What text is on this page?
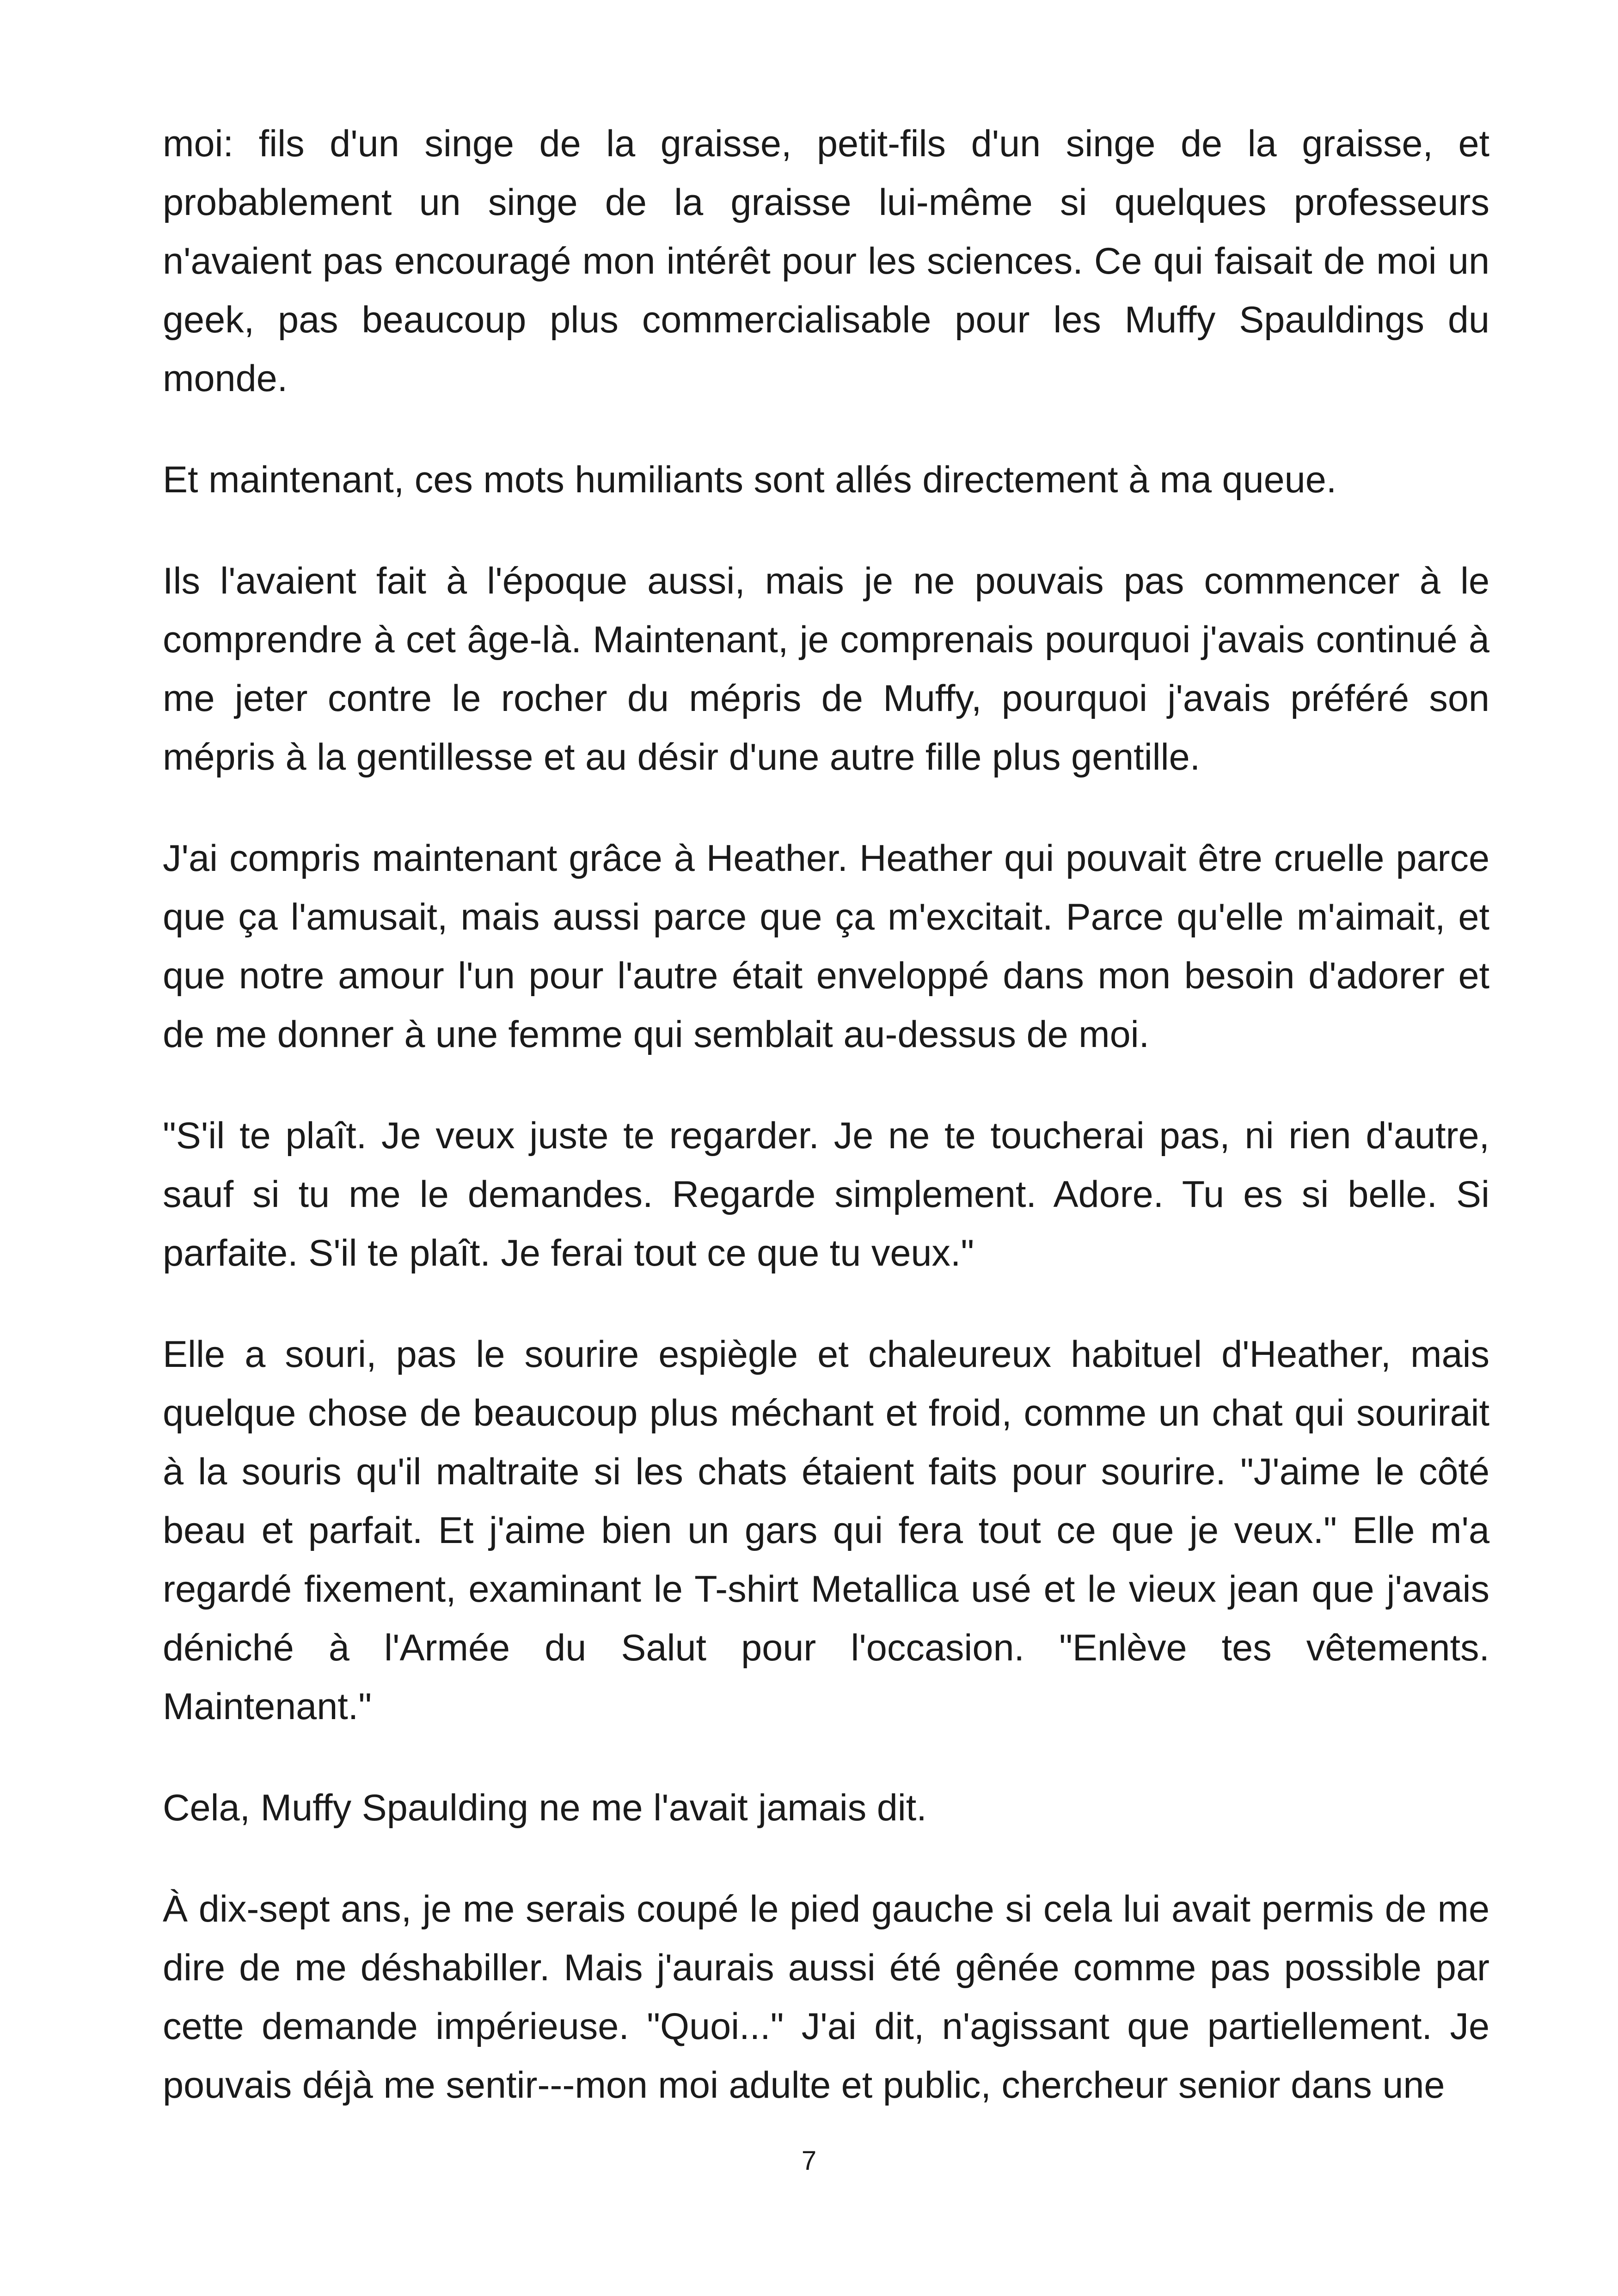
moi: fils d'un singe de la graisse, petit-fils d'un singe de la graisse, et probablement un singe de la graisse lui-même si quelques professeurs n'avaient pas encouragé mon intérêt pour les sciences. Ce qui faisait de moi un geek, pas beaucoup plus commercialisable pour les Muffy Spauldings du monde.

Et maintenant, ces mots humiliants sont allés directement à ma queue.

Ils l'avaient fait à l'époque aussi, mais je ne pouvais pas commencer à le comprendre à cet âge-là. Maintenant, je comprenais pourquoi j'avais continué à me jeter contre le rocher du mépris de Muffy, pourquoi j'avais préféré son mépris à la gentillesse et au désir d'une autre fille plus gentille.

J'ai compris maintenant grâce à Heather. Heather qui pouvait être cruelle parce que ça l'amusait, mais aussi parce que ça m'excitait. Parce qu'elle m'aimait, et que notre amour l'un pour l'autre était enveloppé dans mon besoin d'adorer et de me donner à une femme qui semblait au-dessus de moi.

"S'il te plaît. Je veux juste te regarder. Je ne te toucherai pas, ni rien d'autre, sauf si tu me le demandes. Regarde simplement. Adore. Tu es si belle. Si parfaite. S'il te plaît. Je ferai tout ce que tu veux."

Elle a souri, pas le sourire espiègle et chaleureux habituel d'Heather, mais quelque chose de beaucoup plus méchant et froid, comme un chat qui sourirait à la souris qu'il maltraite si les chats étaient faits pour sourire. "J'aime le côté beau et parfait. Et j'aime bien un gars qui fera tout ce que je veux." Elle m'a regardé fixement, examinant le T-shirt Metallica usé et le vieux jean que j'avais déniché à l'Armée du Salut pour l'occasion. "Enlève tes vêtements. Maintenant."

Cela, Muffy Spaulding ne me l'avait jamais dit.

À dix-sept ans, je me serais coupé le pied gauche si cela lui avait permis de me dire de me déshabiller. Mais j'aurais aussi été gênée comme pas possible par cette demande impérieuse. "Quoi..." J'ai dit, n'agissant que partiellement. Je pouvais déjà me sentir---mon moi adulte et public, chercheur senior dans une

7
